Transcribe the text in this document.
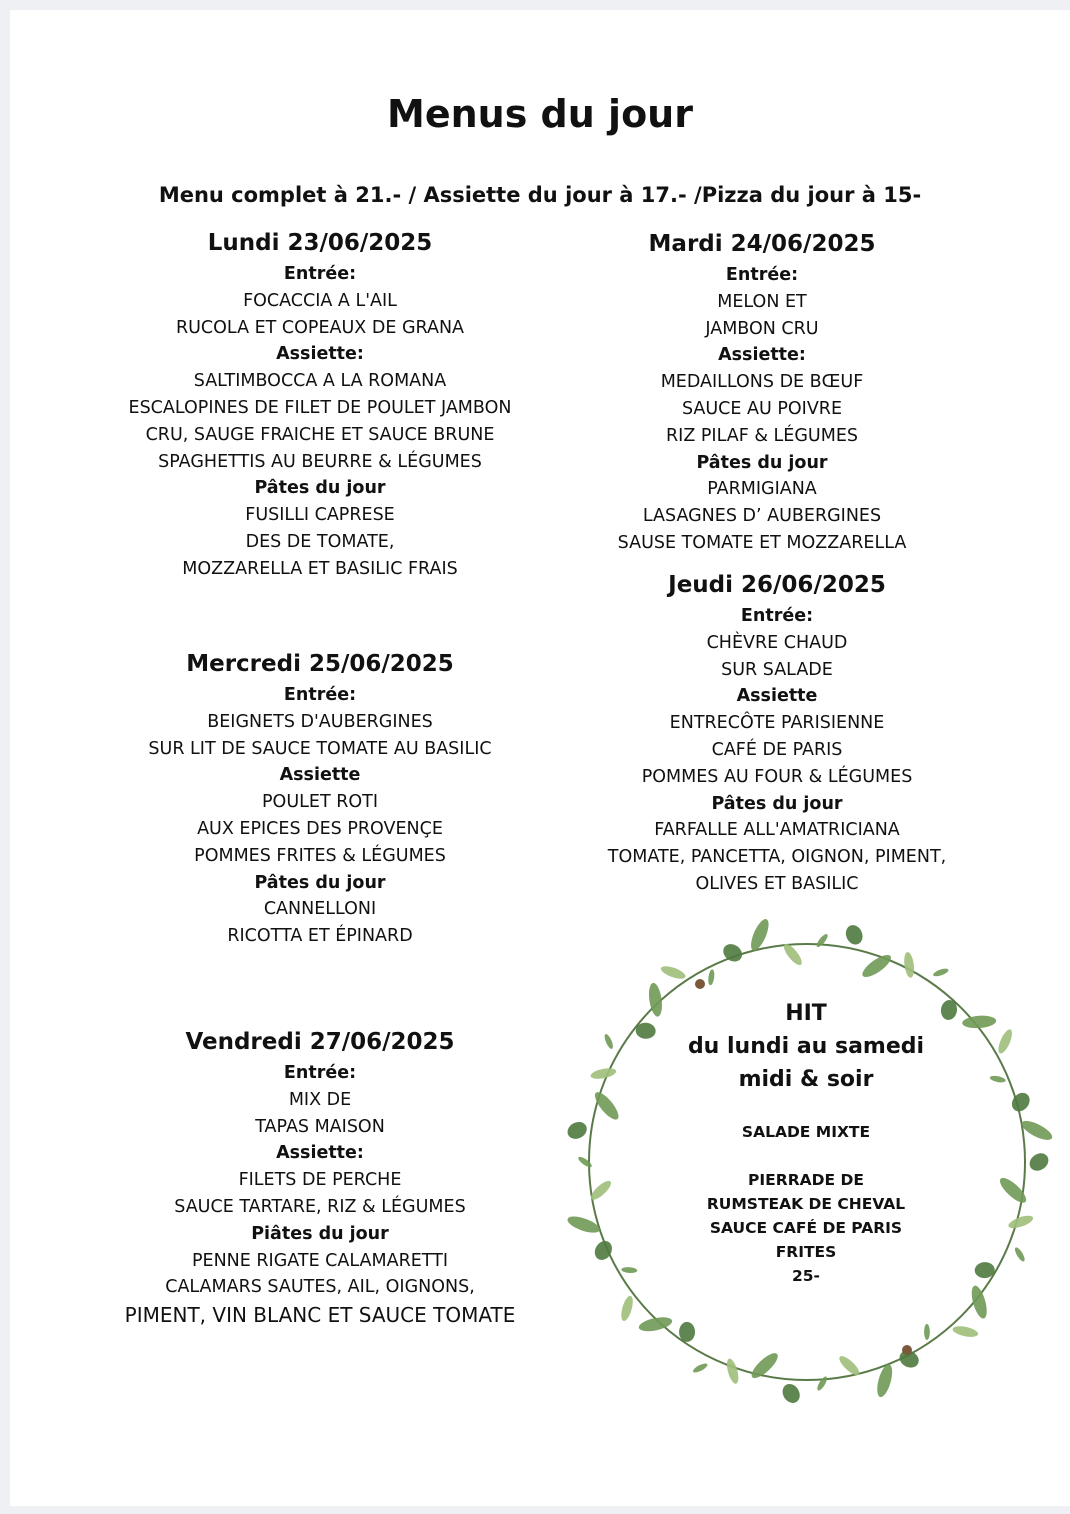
Menus du jour
Menu complet à 21.- / Assiette du jour à 17.- /Pizza du jour à 15-
Lundi 23/06/2025
Entrée:
FOCACCIA A L'AIL
RUCOLA ET COPEAUX DE GRANA
Assiette:
SALTIMBOCCA A LA ROMANA
ESCALOPINES DE FILET DE POULET JAMBON
CRU, SAUGE FRAICHE ET SAUCE BRUNE
SPAGHETTIS AU BEURRE & LÉGUMES
Pâtes du jour
FUSILLI CAPRESE
DES DE TOMATE,
MOZZARELLA ET BASILIC FRAIS
Mardi 24/06/2025
Entrée:
MELON ET
JAMBON CRU
Assiette:
MEDAILLONS DE BŒUF
SAUCE AU POIVRE
RIZ PILAF & LÉGUMES
Pâtes du jour
PARMIGIANA
LASAGNES D’ AUBERGINES
SAUSE TOMATE ET MOZZARELLA
Mercredi 25/06/2025
Entrée:
BEIGNETS D'AUBERGINES
SUR LIT DE SAUCE TOMATE AU BASILIC
Assiette
POULET ROTI
AUX EPICES DES PROVENÇE
POMMES FRITES & LÉGUMES
Pâtes du jour
CANNELLONI
RICOTTA ET ÉPINARD
Jeudi 26/06/2025
Entrée:
CHÈVRE CHAUD
SUR SALADE
Assiette
ENTRECÔTE PARISIENNE
CAFÉ DE PARIS
POMMES AU FOUR & LÉGUMES
Pâtes du jour
FARFALLE ALL'AMATRICIANA
TOMATE, PANCETTA, OIGNON, PIMENT,
OLIVES ET BASILIC
Vendredi 27/06/2025
Entrée:
MIX DE
TAPAS MAISON
Assiette:
FILETS DE PERCHE
SAUCE TARTARE, RIZ & LÉGUMES
Piâtes du jour
PENNE RIGATE CALAMARETTI
CALAMARS SAUTES, AIL, OIGNONS,
PIMENT, VIN BLANC ET SAUCE TOMATE
HIT
du lundi au samedi
midi & soir
SALADE MIXTE
PIERRADE DE
RUMSTEAK DE CHEVAL
SAUCE CAFÉ DE PARIS
FRITES
25-
